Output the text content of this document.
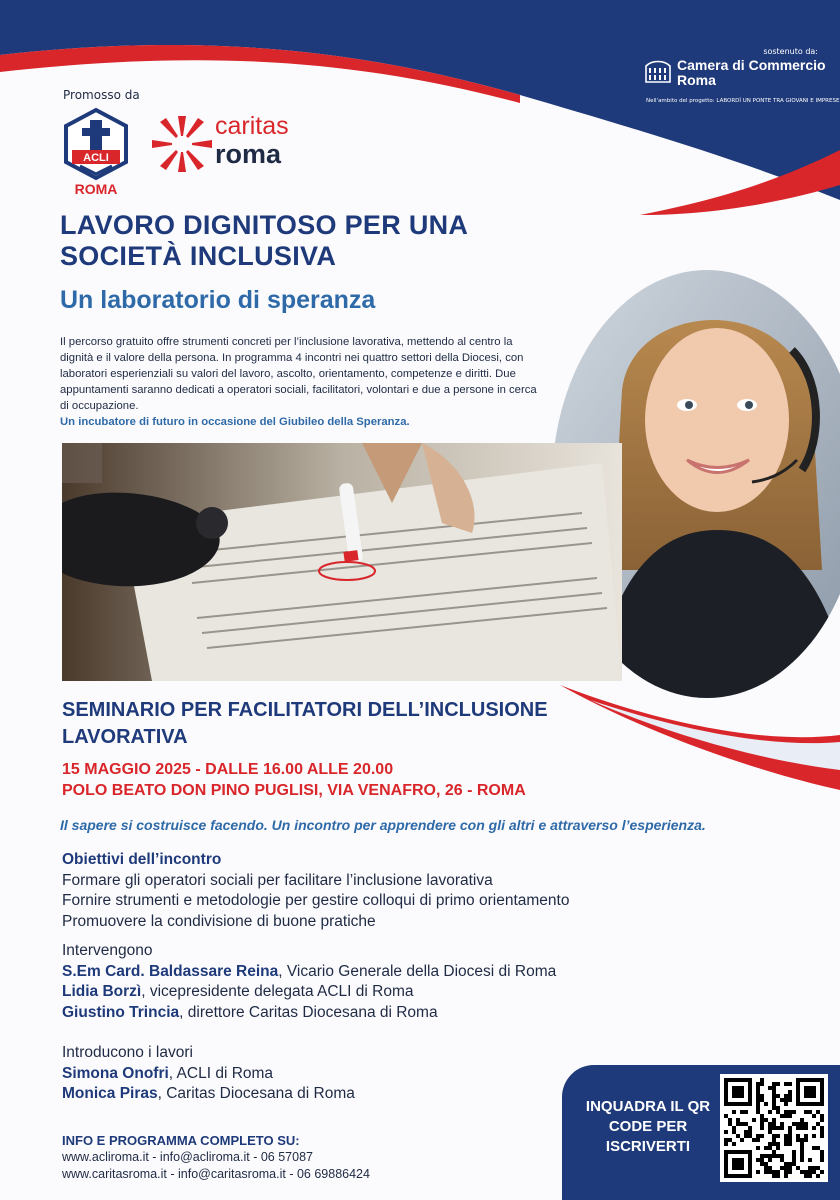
Promosso da
ACLI
ROMA
caritas
roma
sostenuto da:
Camera di Commercio Roma
Nell'ambito del progetto: LABORDÌ UN PONTE TRA GIOVANI E IMPRESE
LAVORO DIGNITOSO PER UNA SOCIETÀ INCLUSIVA
Un laboratorio di speranza
Il percorso gratuito offre strumenti concreti per l’inclusione lavorativa, mettendo al centro la dignità e il valore della persona. In programma 4 incontri nei quattro settori della Diocesi, con laboratori esperienziali su valori del lavoro, ascolto, orientamento, competenze e diritti. Due appuntamenti saranno dedicati a operatori sociali, facilitatori, volontari e due a persone in cerca di occupazione.
Un incubatore di futuro in occasione del Giubileo della Speranza.
SEMINARIO PER FACILITATORI DELL’INCLUSIONE LAVORATIVA
15 MAGGIO 2025 - DALLE 16.00 ALLE 20.00
POLO BEATO DON PINO PUGLISI, VIA VENAFRO, 26 - ROMA
Il sapere si costruisce facendo. Un incontro per apprendere con gli altri e attraverso l’esperienza.
Obiettivi dell’incontro
Formare gli operatori sociali per facilitare l’inclusione lavorativa
Fornire strumenti e metodologie per gestire colloqui di primo orientamento
Promuovere la condivisione di buone pratiche
Intervengono
S.Em Card. Baldassare Reina, Vicario Generale della Diocesi di Roma
Lidia Borzì, vicepresidente delegata ACLI di Roma
Giustino Trincia, direttore Caritas Diocesana di Roma
Introducono i lavori
Simona Onofri, ACLI di Roma
Monica Piras, Caritas Diocesana di Roma
INFO E PROGRAMMA COMPLETO SU:
www.acliroma.it - info@acliroma.it - 06 57087
www.caritasroma.it - info@caritasroma.it - 06 69886424
INQUADRA IL QR CODE PER ISCRIVERTI
